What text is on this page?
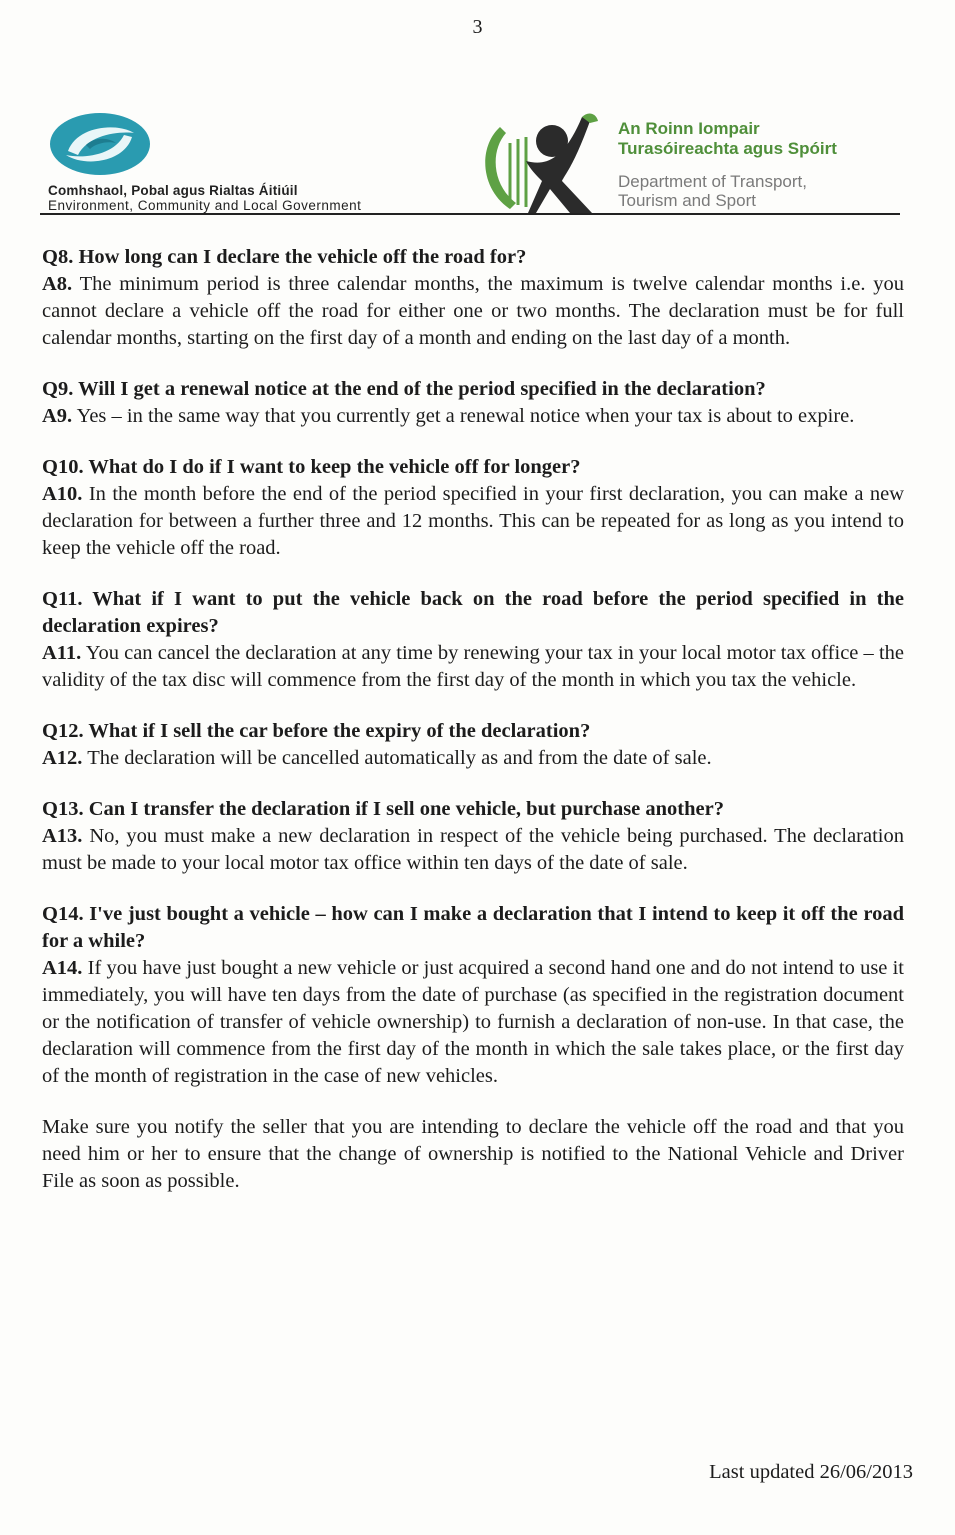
3
Comhshaol, Pobal agus Rialtas Áitiúil
Environment, Community and Local Government
An Roinn Iompair
Turasóireachta agus Spóirt
Department of Transport,
Tourism and Sport
Q8. How long can I declare the vehicle off the road for?
A8. The minimum period is three calendar months, the maximum is twelve calendar months i.e. you cannot declare a vehicle off the road for either one or two months. The declaration must be for full calendar months, starting on the first day of a month and ending on the last day of a month.
Q9. Will I get a renewal notice at the end of the period specified in the declaration?
A9. Yes – in the same way that you currently get a renewal notice when your tax is about to expire.
Q10. What do I do if I want to keep the vehicle off for longer?
A10. In the month before the end of the period specified in your first declaration, you can make a new declaration for between a further three and 12 months. This can be repeated for as long as you intend to keep the vehicle off the road.
Q11. What if I want to put the vehicle back on the road before the period specified in the declaration expires?
A11. You can cancel the declaration at any time by renewing your tax in your local motor tax office – the validity of the tax disc will commence from the first day of the month in which you tax the vehicle.
Q12. What if I sell the car before the expiry of the declaration?
A12. The declaration will be cancelled automatically as and from the date of sale.
Q13. Can I transfer the declaration if I sell one vehicle, but purchase another?
A13. No, you must make a new declaration in respect of the vehicle being purchased. The declaration must be made to your local motor tax office within ten days of the date of sale.
Q14. I've just bought a vehicle – how can I make a declaration that I intend to keep it off the road for a while?
A14. If you have just bought a new vehicle or just acquired a second hand one and do not intend to use it immediately, you will have ten days from the date of purchase (as specified in the registration document or the notification of transfer of vehicle ownership) to furnish a declaration of non-use. In that case, the declaration will commence from the first day of the month in which the sale takes place, or the first day of the month of registration in the case of new vehicles.
Make sure you notify the seller that you are intending to declare the vehicle off the road and that you need him or her to ensure that the change of ownership is notified to the National Vehicle and Driver File as soon as possible.
Last updated 26/06/2013
